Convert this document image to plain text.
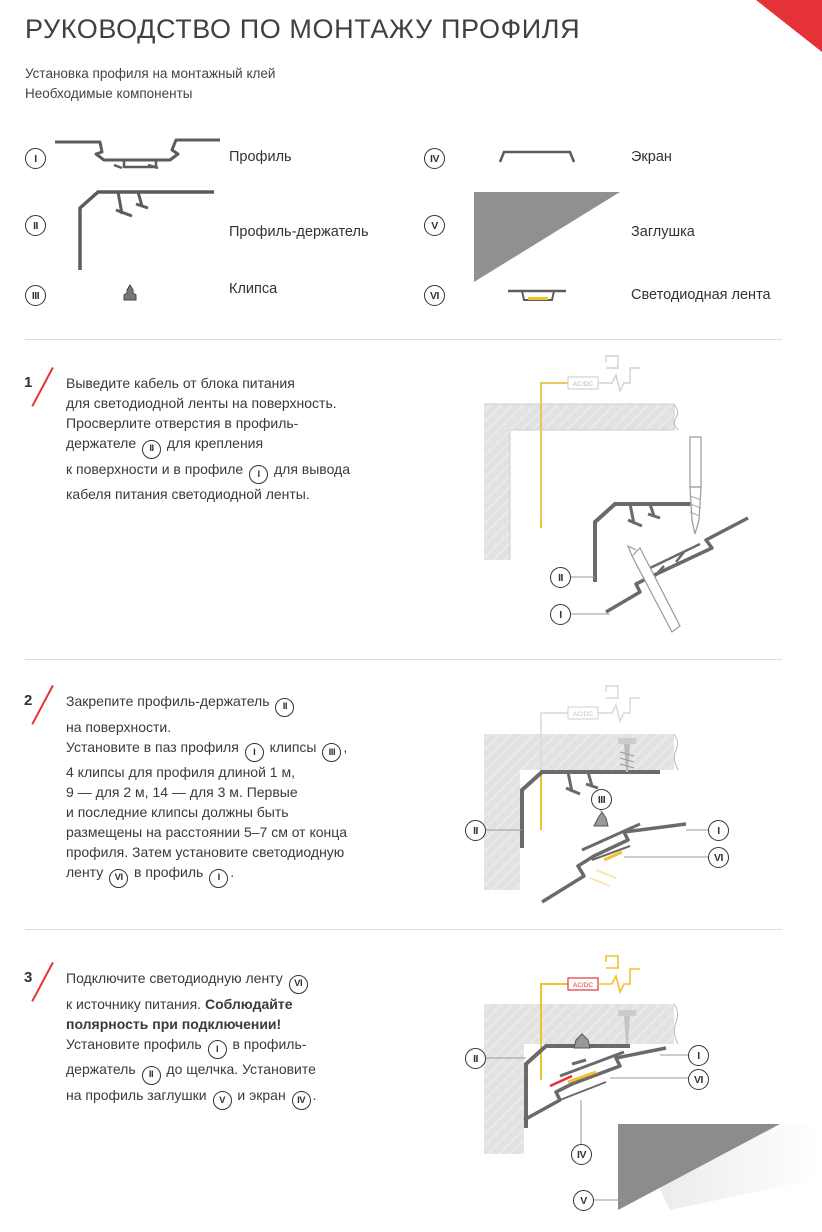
РУКОВОДСТВО ПО МОНТАЖУ ПРОФИЛЯ
Установка профиля на монтажный клей
Необходимые компоненты
AC/DC
AC/DC
AC/DC
I	Профиль
II	Профиль-держатель
III	Клипса
IV	Экран
V	Заглушка
VI	Светодиодная лента
1 Выведите кабель от блока питания
для светодиодной ленты на поверхность.
Просверлите отверстия в профиль-
держателе II для крепления
к поверхности и в профиле I для вывода
кабеля питания светодиодной ленты.
2 Закрепите профиль-держатель II
на поверхности.
Установите в паз профиля I клипсы III ,
4 клипсы для профиля длиной 1 м,
9 — для 2 м, 14 — для 3 м. Первые
и последние клипсы должны быть
размещены на расстоянии 5–7 см от конца
профиля. Затем установите светодиодную
ленту VI в профиль I .
3 Подключите светодиодную ленту VI
к источнику питания. Соблюдайте
полярность при подключении!
Установите профиль I в профиль-
держатель II до щелчка. Установите
на профиль заглушки V и экран IV .
II
I
II
III
I
VI
II	I
VI
IV
V
